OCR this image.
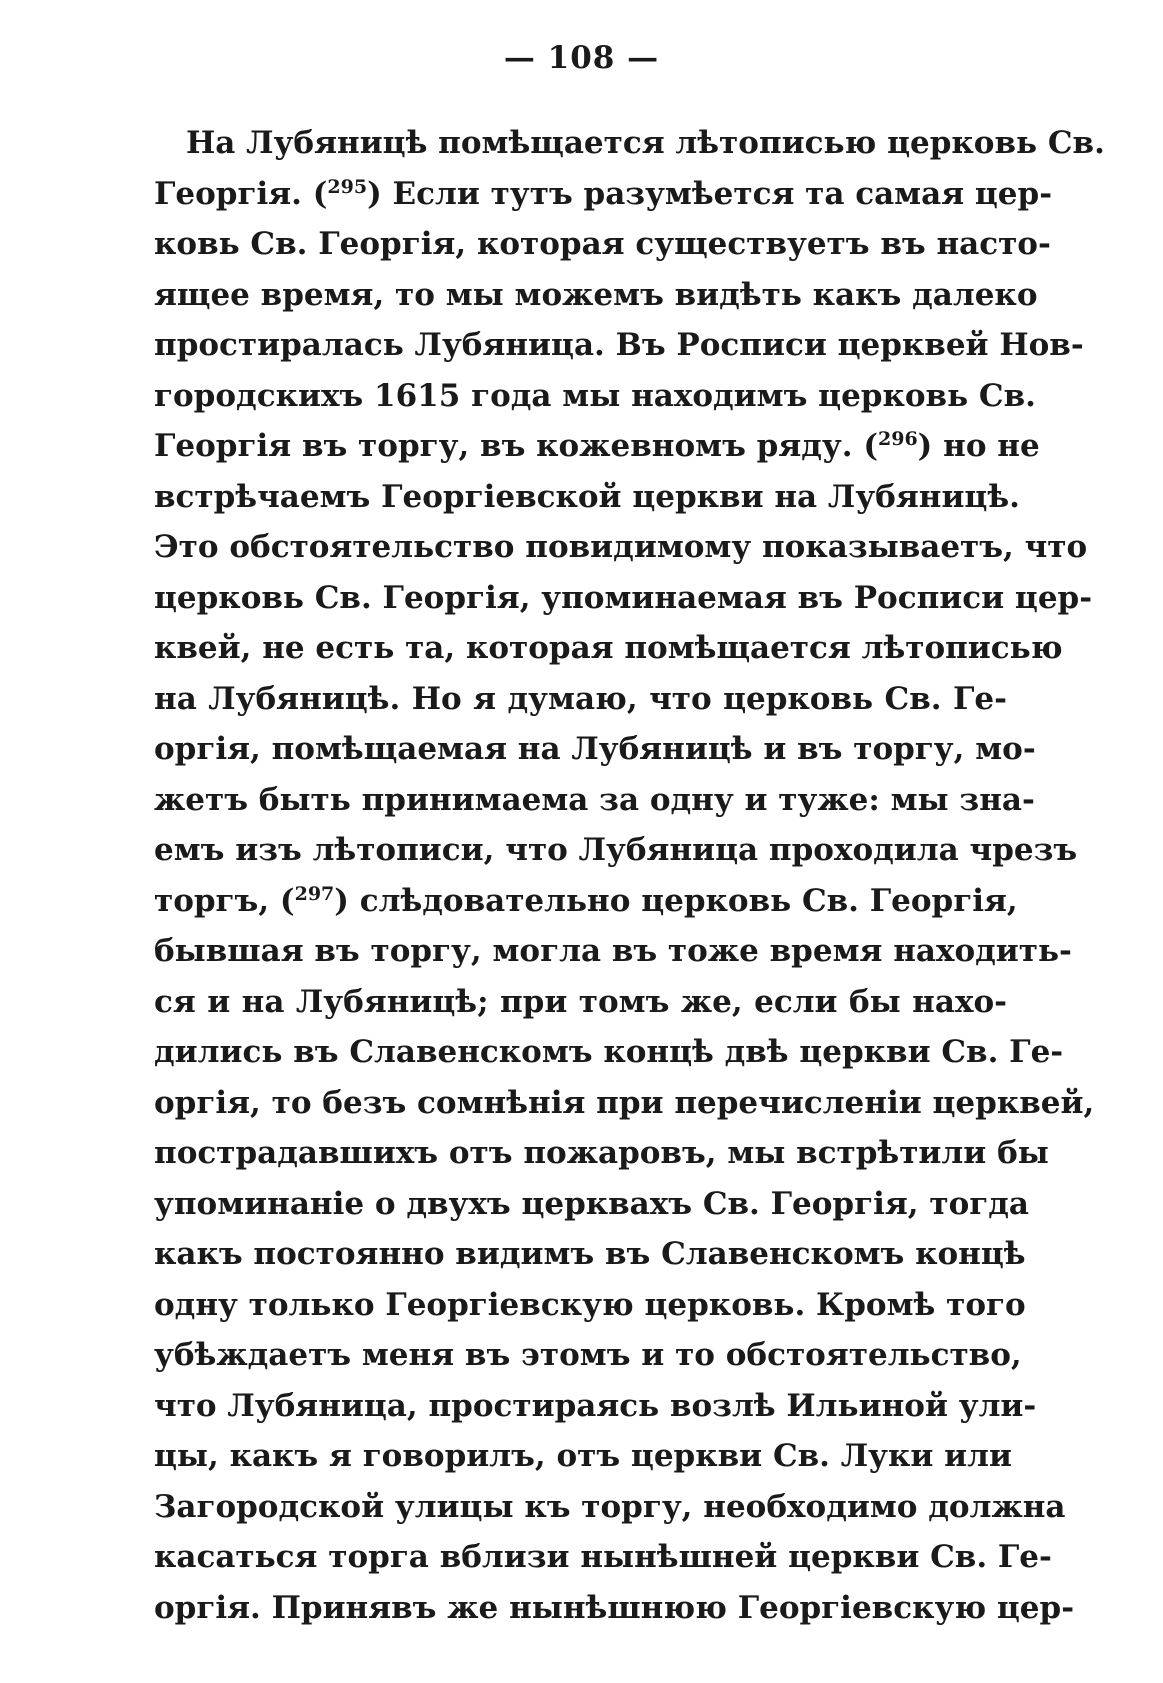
— 108 —
На Лубяницѣ помѣщается лѣтописью церковь Св.
Георгія. ($^{295}$) Если тутъ разумѣется та самая цер-
ковь Св. Георгія, которая существуетъ въ насто-
ящее время, то мы можемъ видѣть какъ далеко
простиралась Лубяница. Въ Росписи церквей Нов-
городскихъ 1615 года мы находимъ церковь Св.
Георгія въ торгу, въ кожевномъ ряду. ($^{296}$) но не
встрѣчаемъ Георгіевской церкви на Лубяницѣ.
Это обстоятельство повидимому показываетъ, что
церковь Св. Георгія, упоминаемая въ Росписи цер-
квей, не есть та, которая помѣщается лѣтописью
на Лубяницѣ. Но я думаю, что церковь Св. Ге-
оргія, помѣщаемая на Лубяницѣ и въ торгу, мо-
жетъ быть принимаема за одну и туже: мы зна-
емъ изъ лѣтописи, что Лубяница проходила чрезъ
торгъ, ($^{297}$) слѣдовательно церковь Св. Георгія,
бывшая въ торгу, могла въ тоже время находить-
ся и на Лубяницѣ; при томъ же, если бы нахо-
дились въ Славенскомъ концѣ двѣ церкви Св. Ге-
оргія, то безъ сомнѣнія при перечисленіи церквей,
пострадавшихъ отъ пожаровъ, мы встрѣтили бы
упоминаніе о двухъ церквахъ Св. Георгія, тогда
какъ постоянно видимъ въ Славенскомъ концѣ
одну только Георгіевскую церковь. Кромѣ того
убѣждаетъ меня въ этомъ и то обстоятельство,
что Лубяница, простираясь возлѣ Ильиной ули-
цы, какъ я говорилъ, отъ церкви Св. Луки или
Загородской улицы къ торгу, необходимо должна
касаться торга вблизи нынѣшней церкви Св. Ге-
оргія. Принявъ же нынѣшнюю Георгіевскую цер-
